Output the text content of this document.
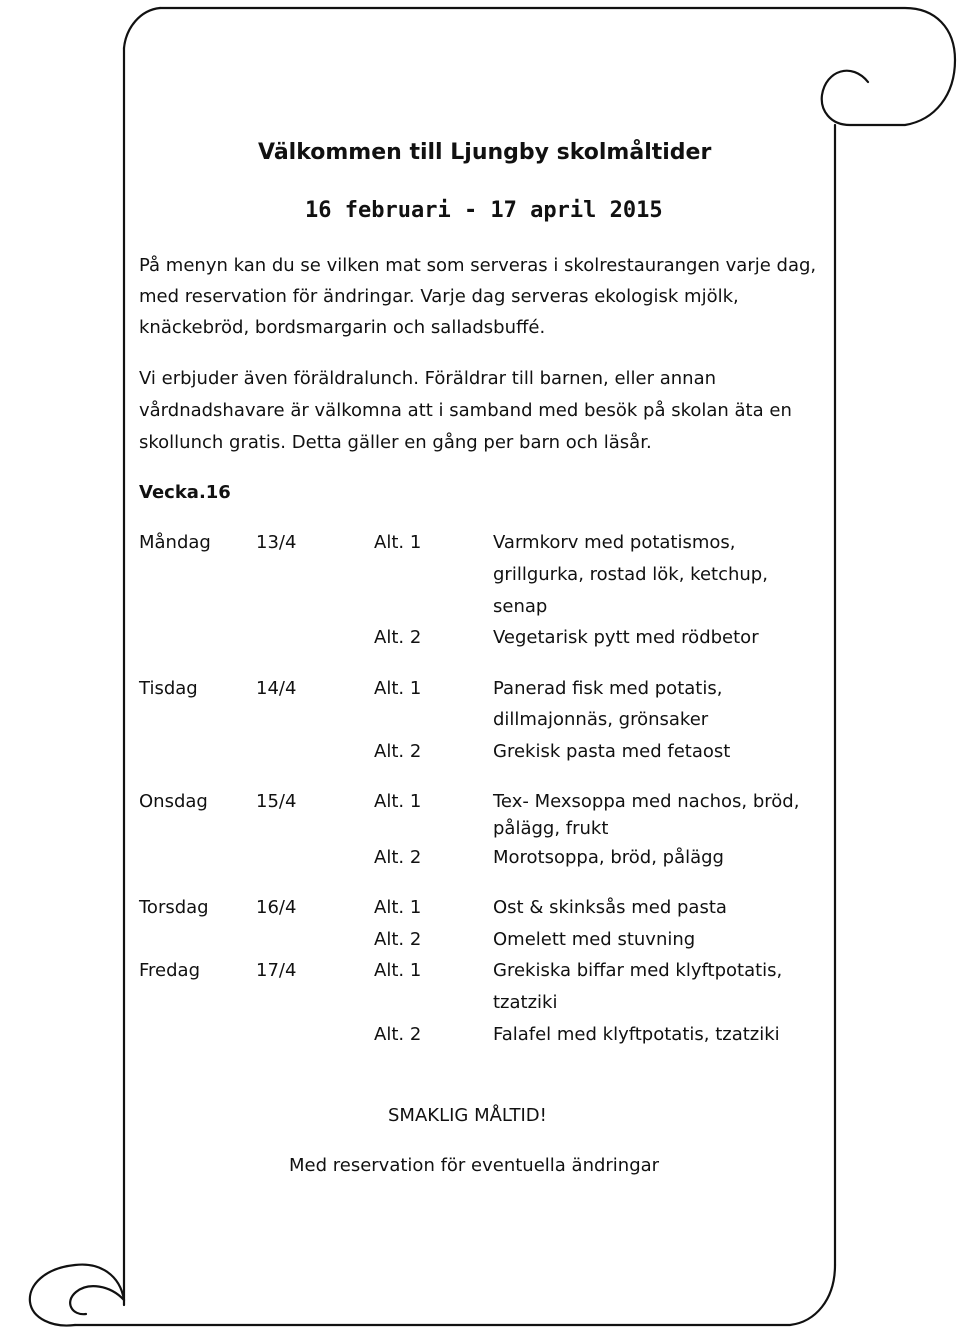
Välkommen till Ljungby skolmåltider
16 februari - 17 april 2015
På menyn kan du se vilken mat som serveras i skolrestaurangen varje dag,
med reservation för ändringar. Varje dag serveras ekologisk mjölk,
knäckebröd, bordsmargarin och salladsbuffé.
Vi erbjuder även föräldralunch. Föräldrar till barnen, eller annan
vårdnadshavare är välkomna att i samband med besök på skolan äta en
skollunch gratis. Detta gäller en gång per barn och läsår.
Vecka.16
Måndag	13/4	Alt. 1	Varmkorv med potatismos,
grillgurka, rostad lök, ketchup,
senap
Alt. 2	Vegetarisk pytt med rödbetor
Tisdag	14/4	Alt. 1	Panerad fisk med potatis,
dillmajonnäs, grönsaker
Alt. 2	Grekisk pasta med fetaost
Onsdag	15/4	Alt. 1	Tex- Mexsoppa med nachos, bröd,
pålägg, frukt
Alt. 2	Morotsoppa, bröd, pålägg
Torsdag	16/4	Alt. 1	Ost & skinksås med pasta
Alt. 2	Omelett med stuvning
Fredag	17/4	Alt. 1	Grekiska biffar med klyftpotatis,
tzatziki
Alt. 2	Falafel med klyftpotatis, tzatziki
SMAKLIG MÅLTID!
Med reservation för eventuella ändringar
